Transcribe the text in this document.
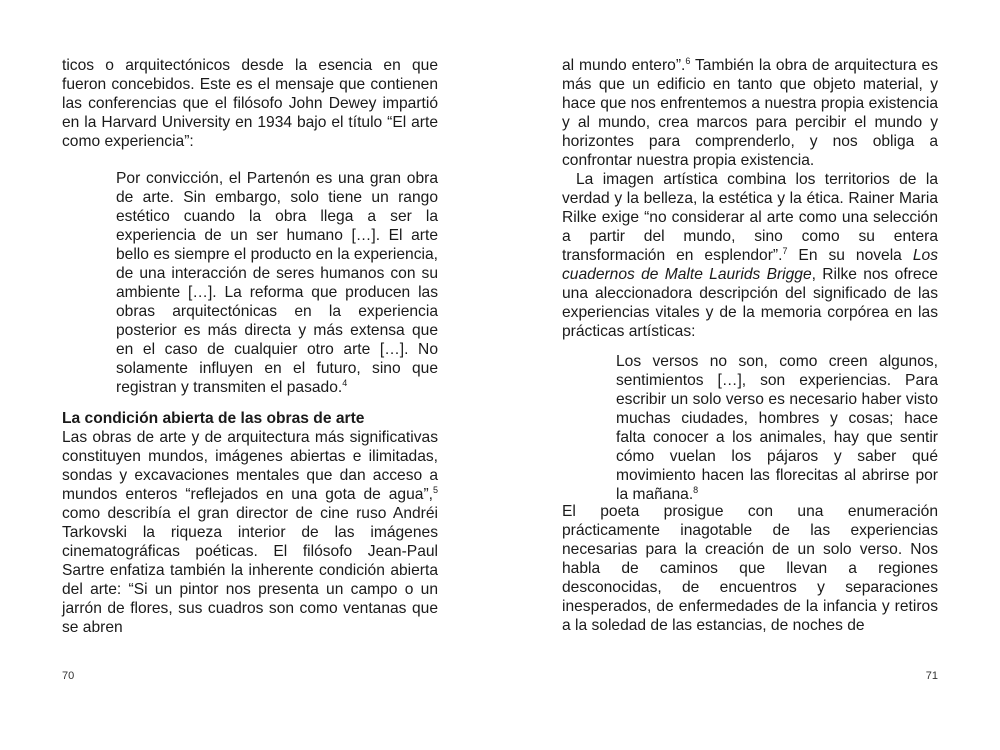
ticos o arquitectónicos desde la esencia en que fueron concebidos. Este es el mensaje que contienen las conferencias que el filósofo John Dewey impartió en la Harvard University en 1934 bajo el título “El arte como experiencia”:

Por convicción, el Partenón es una gran obra de arte. Sin embargo, solo tiene un rango estético cuando la obra llega a ser la experiencia de un ser humano […]. El arte bello es siempre el producto en la experiencia, de una interacción de seres humanos con su ambiente […]. La reforma que producen las obras arquitectónicas en la experiencia posterior es más directa y más extensa que en el caso de cualquier otro arte […]. No solamente influyen en el futuro, sino que registran y transmiten el pasado.$^4$
La condición abierta de las obras de arte

Las obras de arte y de arquitectura más significativas constituyen mundos, imágenes abiertas e ilimitadas, sondas y excavaciones mentales que dan acceso a mundos enteros “reflejados en una gota de agua”,$^5$ como describía el gran director de cine ruso Andréi Tarkovski la riqueza interior de las imágenes cinematográficas poéticas. El filósofo Jean-Paul Sartre enfatiza también la inherente condición abierta del arte: “Si un pintor nos presenta un campo o un jarrón de flores, sus cuadros son como ventanas que se abren

70

al mundo entero”.$^6$ También la obra de arquitectura es más que un edificio en tanto que objeto material, y hace que nos enfrentemos a nuestra propia existencia y al mundo, crea marcos para percibir el mundo y horizontes para comprenderlo, y nos obliga a confrontar nuestra propia existencia.

La imagen artística combina los territorios de la verdad y la belleza, la estética y la ética. Rainer Maria Rilke exige “no considerar al arte como una selección a partir del mundo, sino como su entera transformación en esplendor”.$^7$ En su novela Los cuadernos de Malte Laurids Brigge, Rilke nos ofrece una aleccionadora descripción del significado de las experiencias vitales y de la memoria corpórea en las prácticas artísticas:

Los versos no son, como creen algunos, sentimientos […], son experiencias. Para escribir un solo verso es necesario haber visto muchas ciudades, hombres y cosas; hace falta conocer a los animales, hay que sentir cómo vuelan los pájaros y saber qué movimiento hacen las florecitas al abrirse por la mañana.$^8$

El poeta prosigue con una enumeración prácticamente inagotable de las experiencias necesarias para la creación de un solo verso. Nos habla de caminos que llevan a regiones desconocidas, de encuentros y separaciones inesperados, de enfermedades de la infancia y retiros a la soledad de las estancias, de noches de

71
